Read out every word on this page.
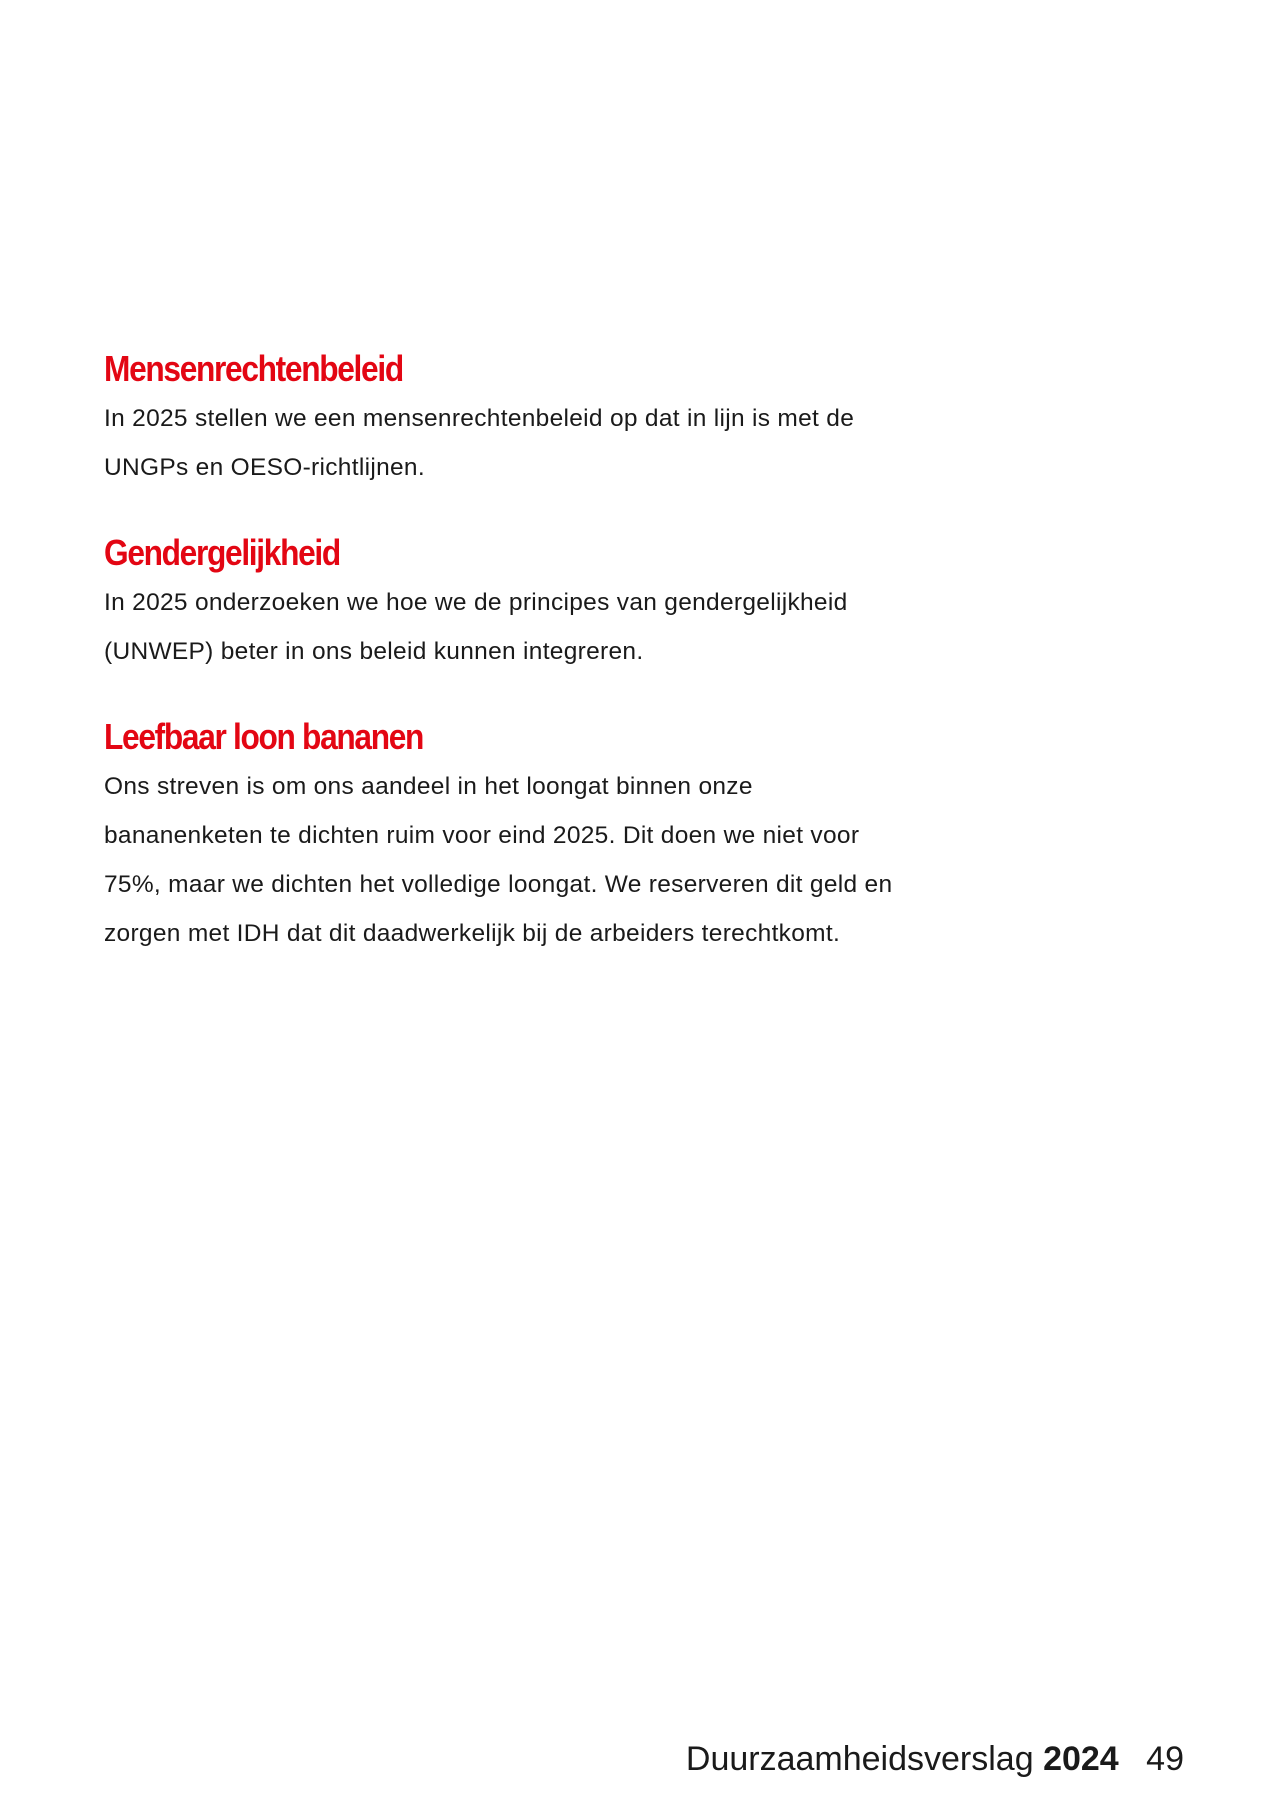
Mensenrechtenbeleid

In 2025 stellen we een mensenrechtenbeleid op dat in lijn is met de
UNGPs en OESO-richtlijnen.

Gendergelijkheid

In 2025 onderzoeken we hoe we de principes van gendergelijkheid
(UNWEP) beter in ons beleid kunnen integreren.

Leefbaar loon bananen

Ons streven is om ons aandeel in het loongat binnen onze
bananenketen te dichten ruim voor eind 2025. Dit doen we niet voor
75%, maar we dichten het volledige loongat. We reserveren dit geld en
zorgen met IDH dat dit daadwerkelijk bij de arbeiders terechtkomt.

Duurzaamheidsverslag 2024 49
